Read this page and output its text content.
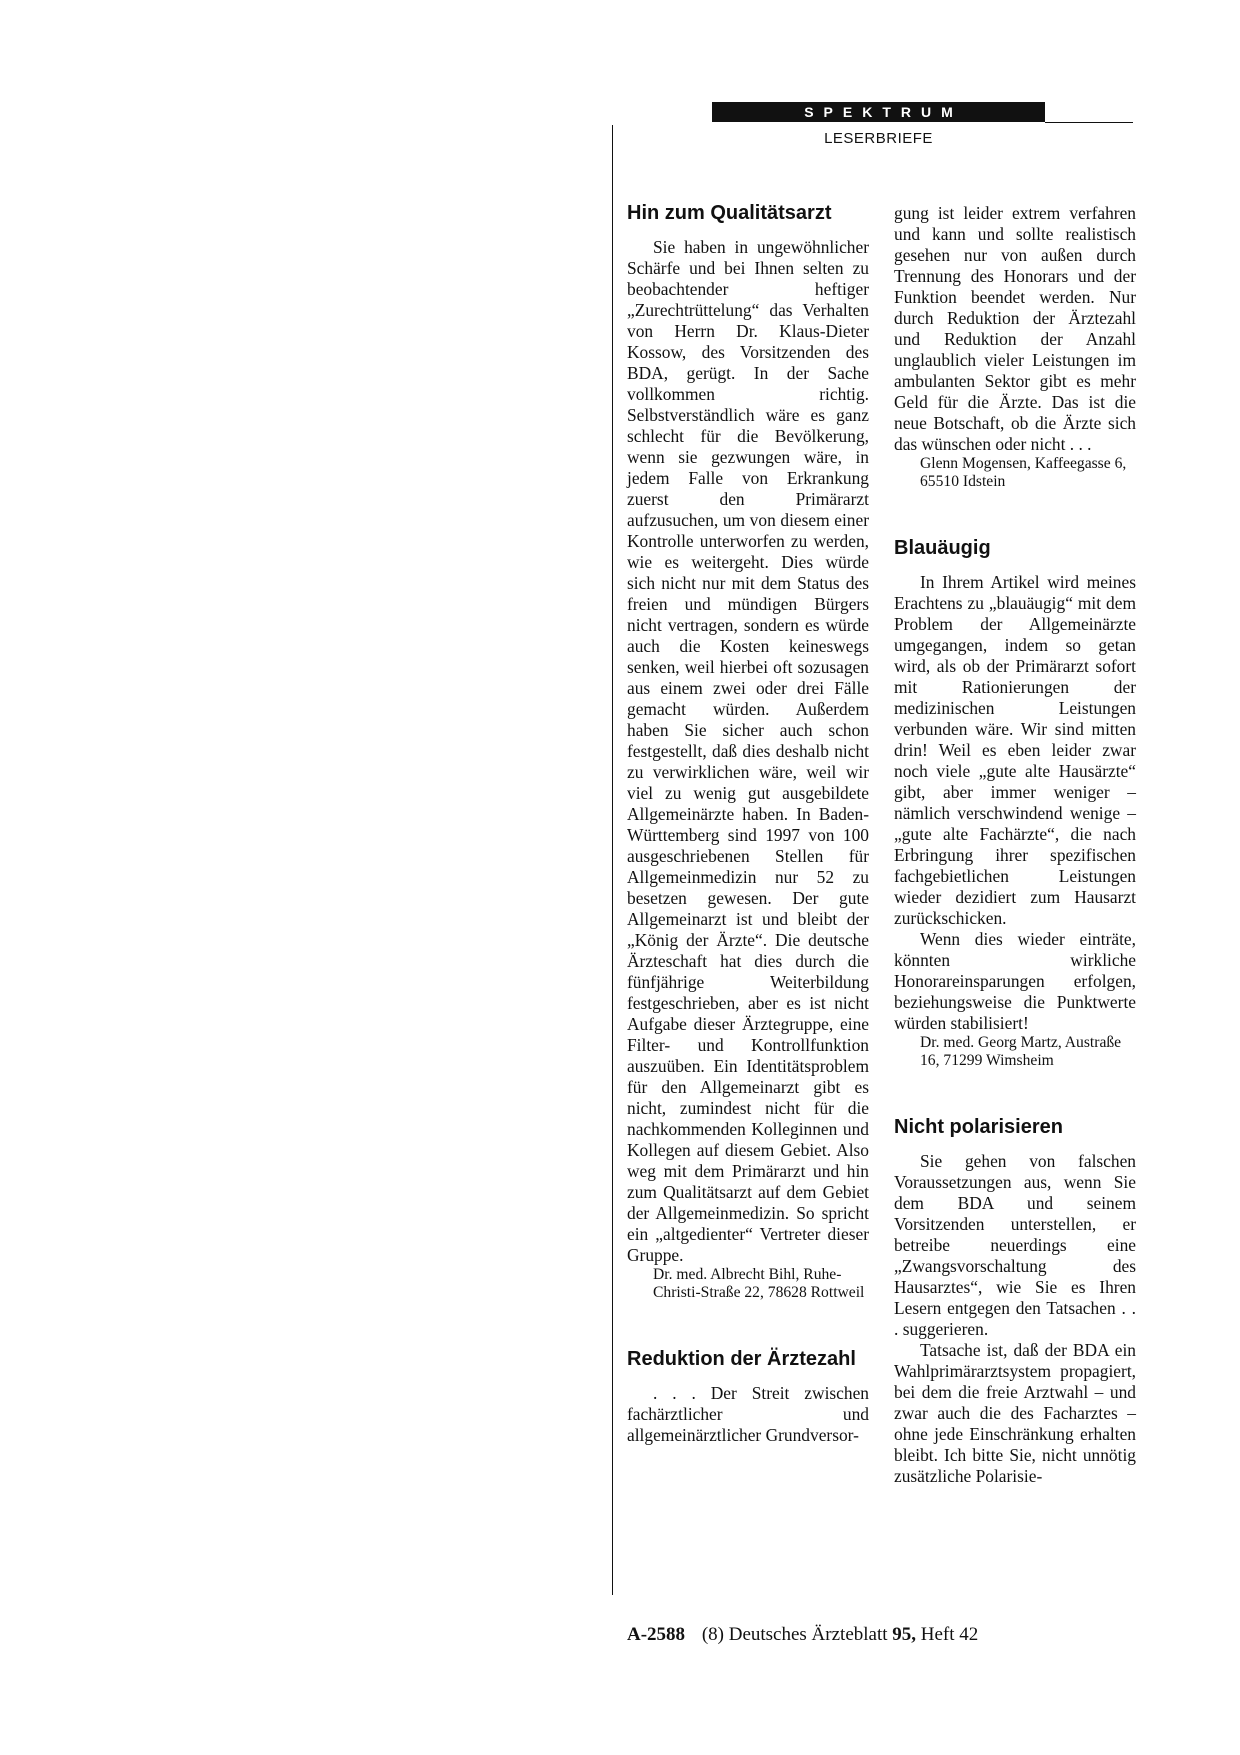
SPEKTRUM
LESERBRIEFE
Hin zum Qualitätsarzt

Sie haben in ungewöhnlicher Schärfe und bei Ihnen selten zu beobachtender heftiger „Zurechtrüttelung“ das Verhalten von Herrn Dr. Klaus-Dieter Kossow, des Vorsitzenden des BDA, gerügt. In der Sache vollkommen richtig. Selbstverständlich wäre es ganz schlecht für die Bevölkerung, wenn sie gezwungen wäre, in jedem Falle von Erkrankung zuerst den Primärarzt aufzusuchen, um von diesem einer Kontrolle unterworfen zu werden, wie es weitergeht. Dies würde sich nicht nur mit dem Status des freien und mündigen Bürgers nicht vertragen, sondern es würde auch die Kosten keineswegs senken, weil hierbei oft sozusagen aus einem zwei oder drei Fälle gemacht würden. Außerdem haben Sie sicher auch schon festgestellt, daß dies deshalb nicht zu verwirklichen wäre, weil wir viel zu wenig gut ausgebildete Allgemeinärzte haben. In Baden-Württemberg sind 1997 von 100 ausgeschriebenen Stellen für Allgemeinmedizin nur 52 zu besetzen gewesen. Der gute Allgemeinarzt ist und bleibt der „König der Ärzte“. Die deutsche Ärzteschaft hat dies durch die fünfjährige Weiterbildung festgeschrieben, aber es ist nicht Aufgabe dieser Ärztegruppe, eine Filter- und Kontrollfunktion auszuüben. Ein Identitätsproblem für den Allgemeinarzt gibt es nicht, zumindest nicht für die nachkommenden Kolleginnen und Kollegen auf diesem Gebiet. Also weg mit dem Primärarzt und hin zum Qualitätsarzt auf dem Gebiet der Allgemeinmedizin. So spricht ein „altgedienter“ Vertreter dieser Gruppe.

Dr. med. Albrecht Bihl, Ruhe-Christi-Straße 22, 78628 Rottweil

Reduktion der Ärztezahl

. . . Der Streit zwischen fachärztlicher und allgemeinärztlicher Grundversor-

gung ist leider extrem verfahren und kann und sollte realistisch gesehen nur von außen durch Trennung des Honorars und der Funktion beendet werden. Nur durch Reduktion der Ärztezahl und Reduktion der Anzahl unglaublich vieler Leistungen im ambulanten Sektor gibt es mehr Geld für die Ärzte. Das ist die neue Botschaft, ob die Ärzte sich das wünschen oder nicht . . .

Glenn Mogensen, Kaffeegasse 6, 65510 Idstein

Blauäugig

In Ihrem Artikel wird meines Erachtens zu „blauäugig“ mit dem Problem der Allgemeinärzte umgegangen, indem so getan wird, als ob der Primärarzt sofort mit Rationierungen der medizinischen Leistungen verbunden wäre. Wir sind mitten drin! Weil es eben leider zwar noch viele „gute alte Hausärzte“ gibt, aber immer weniger – nämlich verschwindend wenige – „gute alte Fachärzte“, die nach Erbringung ihrer spezifischen fachgebietlichen Leistungen wieder dezidiert zum Hausarzt zurückschicken.

Wenn dies wieder einträte, könnten wirkliche Honorareinsparungen erfolgen, beziehungsweise die Punktwerte würden stabilisiert!

Dr. med. Georg Martz, Austraße 16, 71299 Wimsheim

Nicht polarisieren

Sie gehen von falschen Voraussetzungen aus, wenn Sie dem BDA und seinem Vorsitzenden unterstellen, er betreibe neuerdings eine „Zwangsvorschaltung des Hausarztes“, wie Sie es Ihren Lesern entgegen den Tatsachen . . . suggerieren.

Tatsache ist, daß der BDA ein Wahlprimärarztsystem propagiert, bei dem die freie Arztwahl – und zwar auch die des Facharztes – ohne jede Einschränkung erhalten bleibt. Ich bitte Sie, nicht unnötig zusätzliche Polarisie-

A-2588 (8) Deutsches Ärzteblatt 95, Heft 42
